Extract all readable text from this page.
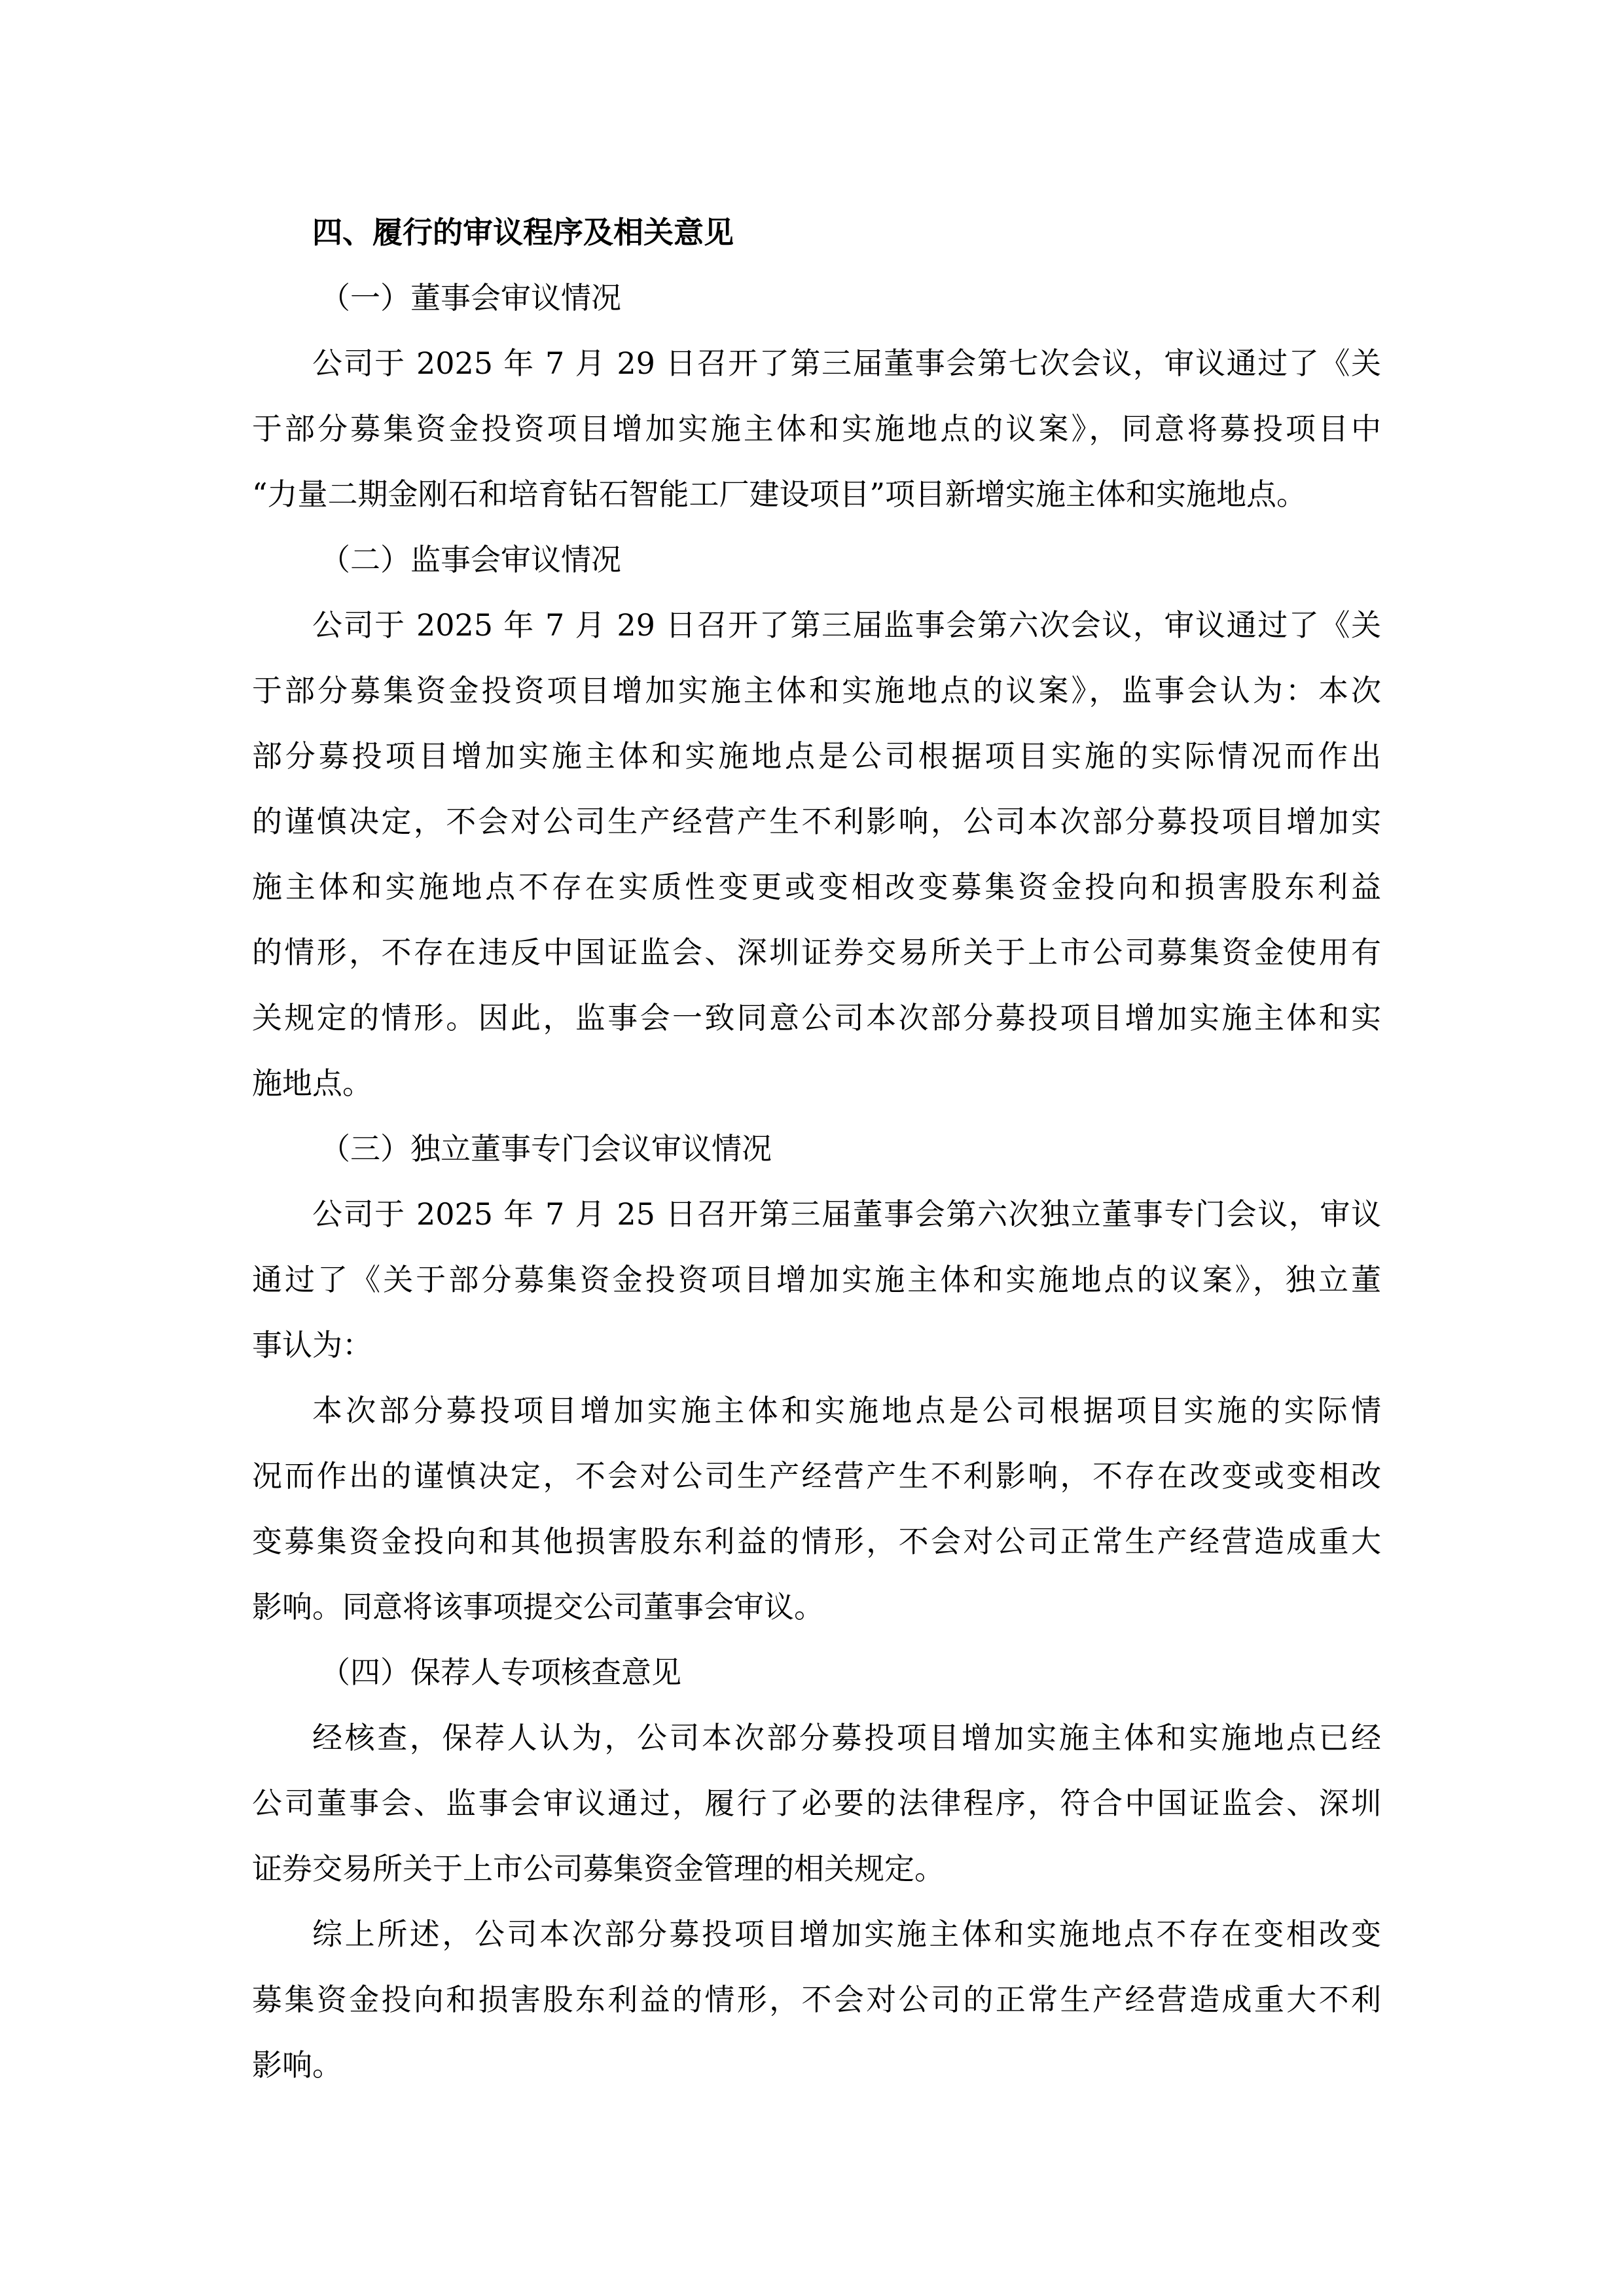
四、履行的审议程序及相关意见
（一）董事会审议情况

公司于 2025 年 7 月 29 日召开了第三届董事会第七次会议，审议通过了《关
于部分募集资金投资项目增加实施主体和实施地点的议案》，同意将募投项目中
“力量二期金刚石和培育钻石智能工厂建设项目”项目新增实施主体和实施地点。

（二）监事会审议情况

公司于 2025 年 7 月 29 日召开了第三届监事会第六次会议，审议通过了《关
于部分募集资金投资项目增加实施主体和实施地点的议案》，监事会认为：本次
部分募投项目增加实施主体和实施地点是公司根据项目实施的实际情况而作出
的谨慎决定，不会对公司生产经营产生不利影响，公司本次部分募投项目增加实
施主体和实施地点不存在实质性变更或变相改变募集资金投向和损害股东利益
的情形，不存在违反中国证监会、深圳证券交易所关于上市公司募集资金使用有
关规定的情形。因此，监事会一致同意公司本次部分募投项目增加实施主体和实
施地点。

（三）独立董事专门会议审议情况

公司于 2025 年 7 月 25 日召开第三届董事会第六次独立董事专门会议，审议
通过了《关于部分募集资金投资项目增加实施主体和实施地点的议案》，独立董
事认为：

本次部分募投项目增加实施主体和实施地点是公司根据项目实施的实际情
况而作出的谨慎决定，不会对公司生产经营产生不利影响，不存在改变或变相改
变募集资金投向和其他损害股东利益的情形，不会对公司正常生产经营造成重大
影响。同意将该事项提交公司董事会审议。

（四）保荐人专项核查意见

经核查，保荐人认为，公司本次部分募投项目增加实施主体和实施地点已经
公司董事会、监事会审议通过，履行了必要的法律程序，符合中国证监会、深圳
证券交易所关于上市公司募集资金管理的相关规定。

综上所述，公司本次部分募投项目增加实施主体和实施地点不存在变相改变
募集资金投向和损害股东利益的情形，不会对公司的正常生产经营造成重大不利
影响。
